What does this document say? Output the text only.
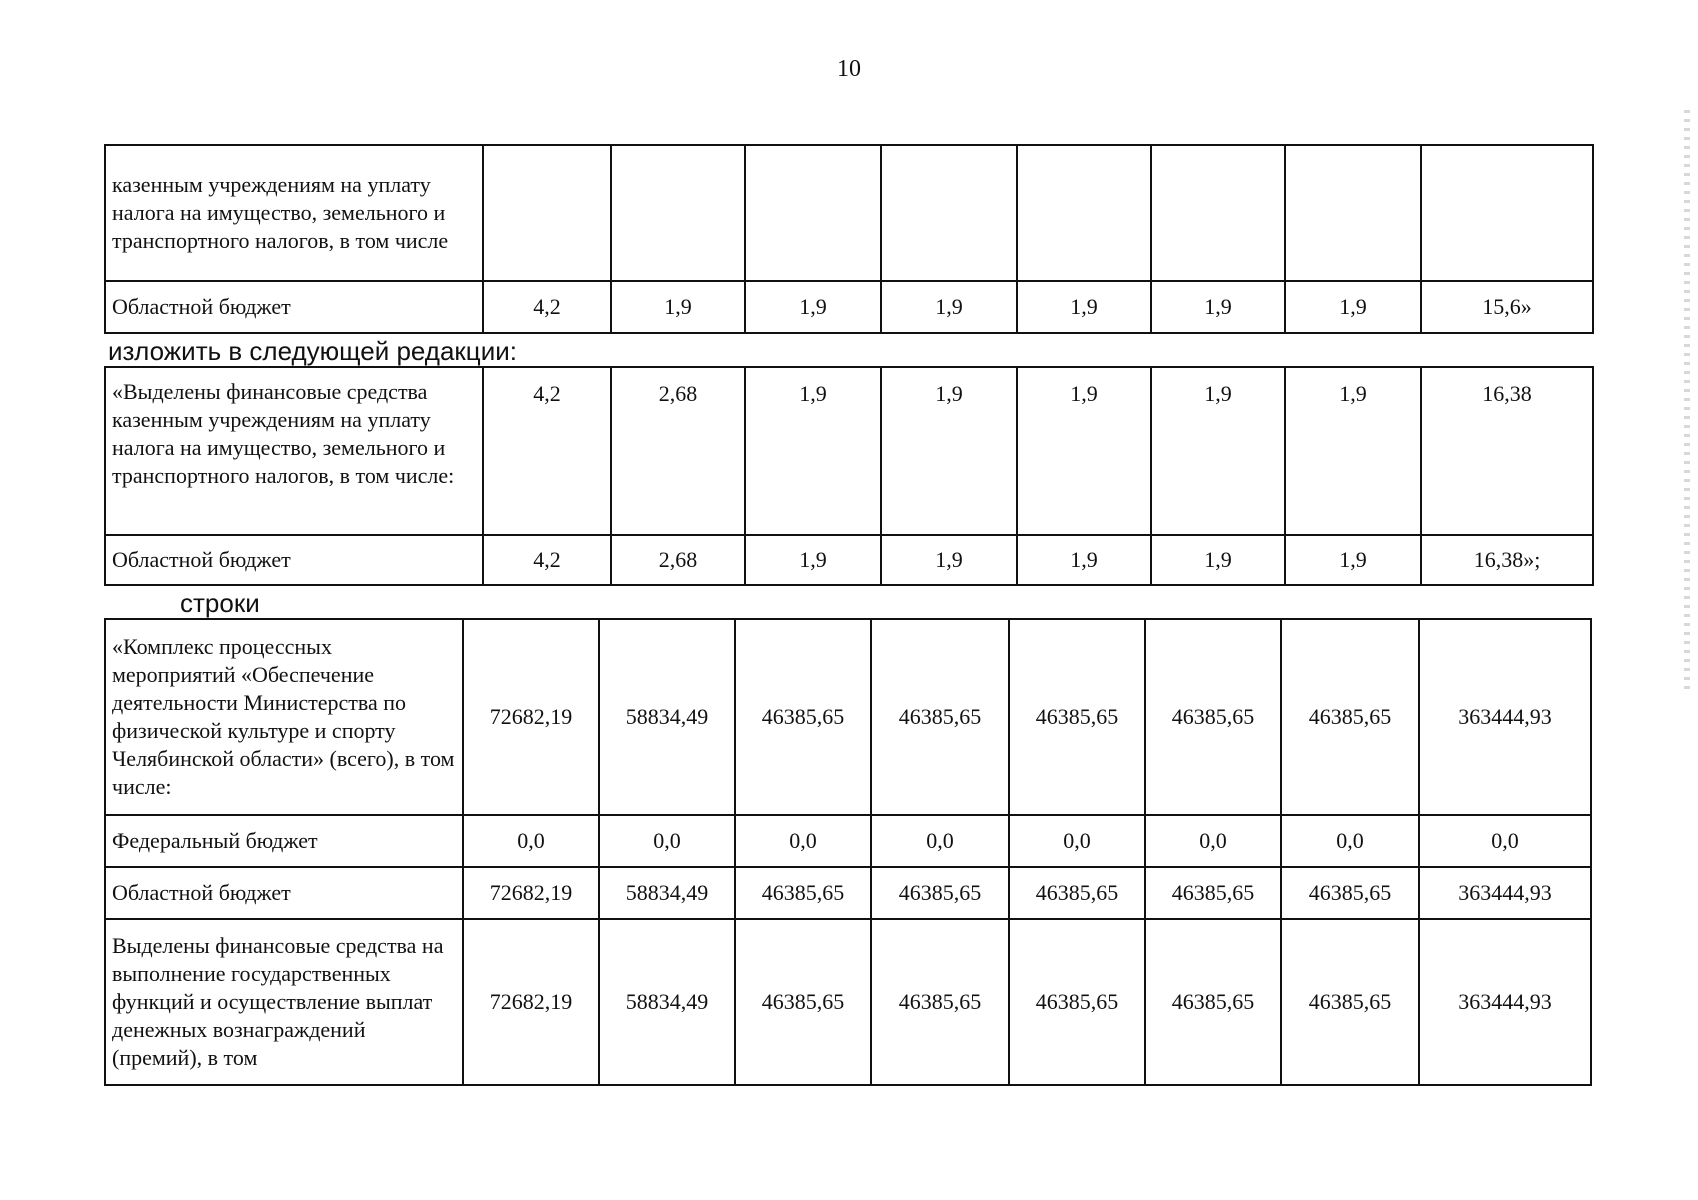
10
казенным учреждениям на уплату налога на имущество, земельного и транспортного налогов, в том числе								
Областной бюджет	4,2	1,9	1,9	1,9	1,9	1,9	1,9	15,6»
изложить в следующей редакции:
«Выделены финансовые средства казенным учреждениям на уплату налога на имущество, земельного и транспортного налогов, в том числе:	4,2	2,68	1,9	1,9	1,9	1,9	1,9	16,38
Областной бюджет	4,2	2,68	1,9	1,9	1,9	1,9	1,9	16,38»;
строки
«Комплекс процессных мероприятий «Обеспечение деятельности Министерства по физической культуре и спорту Челябинской области» (всего), в том числе:	72682,19	58834,49	46385,65	46385,65	46385,65	46385,65	46385,65	363444,93
Федеральный бюджет	0,0	0,0	0,0	0,0	0,0	0,0	0,0	0,0
Областной бюджет	72682,19	58834,49	46385,65	46385,65	46385,65	46385,65	46385,65	363444,93
Выделены финансовые средства на выполнение государственных функций и осуществление выплат денежных вознаграждений (премий), в том	72682,19	58834,49	46385,65	46385,65	46385,65	46385,65	46385,65	363444,93
